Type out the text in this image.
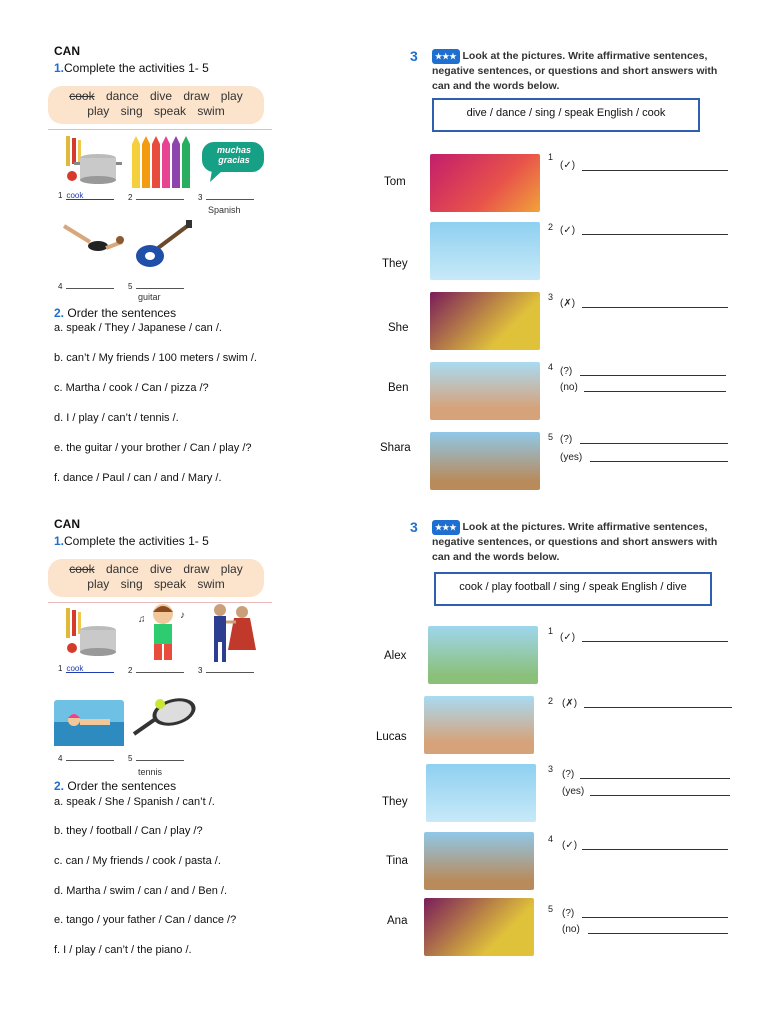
CAN
1.Complete the activities 1- 5
cook dance dive draw play
play sing speak swim
muchas gracias
1 cook	2	3
Spanish
4	5
guitar
2. Order the sentences
a. speak / They / Japanese / can /.
b. can’t / My friends / 100 meters / swim /.
c. Martha / cook / Can / pizza /?
d. I / play / can’t / tennis /.
e. the guitar / your brother / Can / play /?
f. dance / Paul / can / and / Mary /.
3	★★★ Look at the pictures. Write affirmative sentences, negative sentences, or questions and short answers with can and the words below.
dive / dance / sing / speak English / cook
Tom
1
(✓)
They
2 (✓)
She
3
(✗)
Ben
4 (?)
(no)
Shara
5 (?)
(yes)
CAN
1.Complete the activities 1- 5
cook dance dive draw play
play sing speak swim
♪
♫
1 cook	2	3
4	5
tennis
2. Order the sentences
a. speak / She / Spanish / can’t /.
b. they / football / Can / play /?
c. can / My friends / cook / pasta /.
d. Martha / swim / can / and / Ben /.
e. tango / your father / Can / dance /?
f. I / play / can’t / the piano /.
3	★★★ Look at the pictures. Write affirmative sentences, negative sentences, or questions and short answers with can and the words below.
cook / play football / sing / speak English / dive
Alex
1
(✓)
Lucas
2 (✗)
They
3 (?)
(yes)
Tina
4
(✓)
Ana
5 (?)
(no)
